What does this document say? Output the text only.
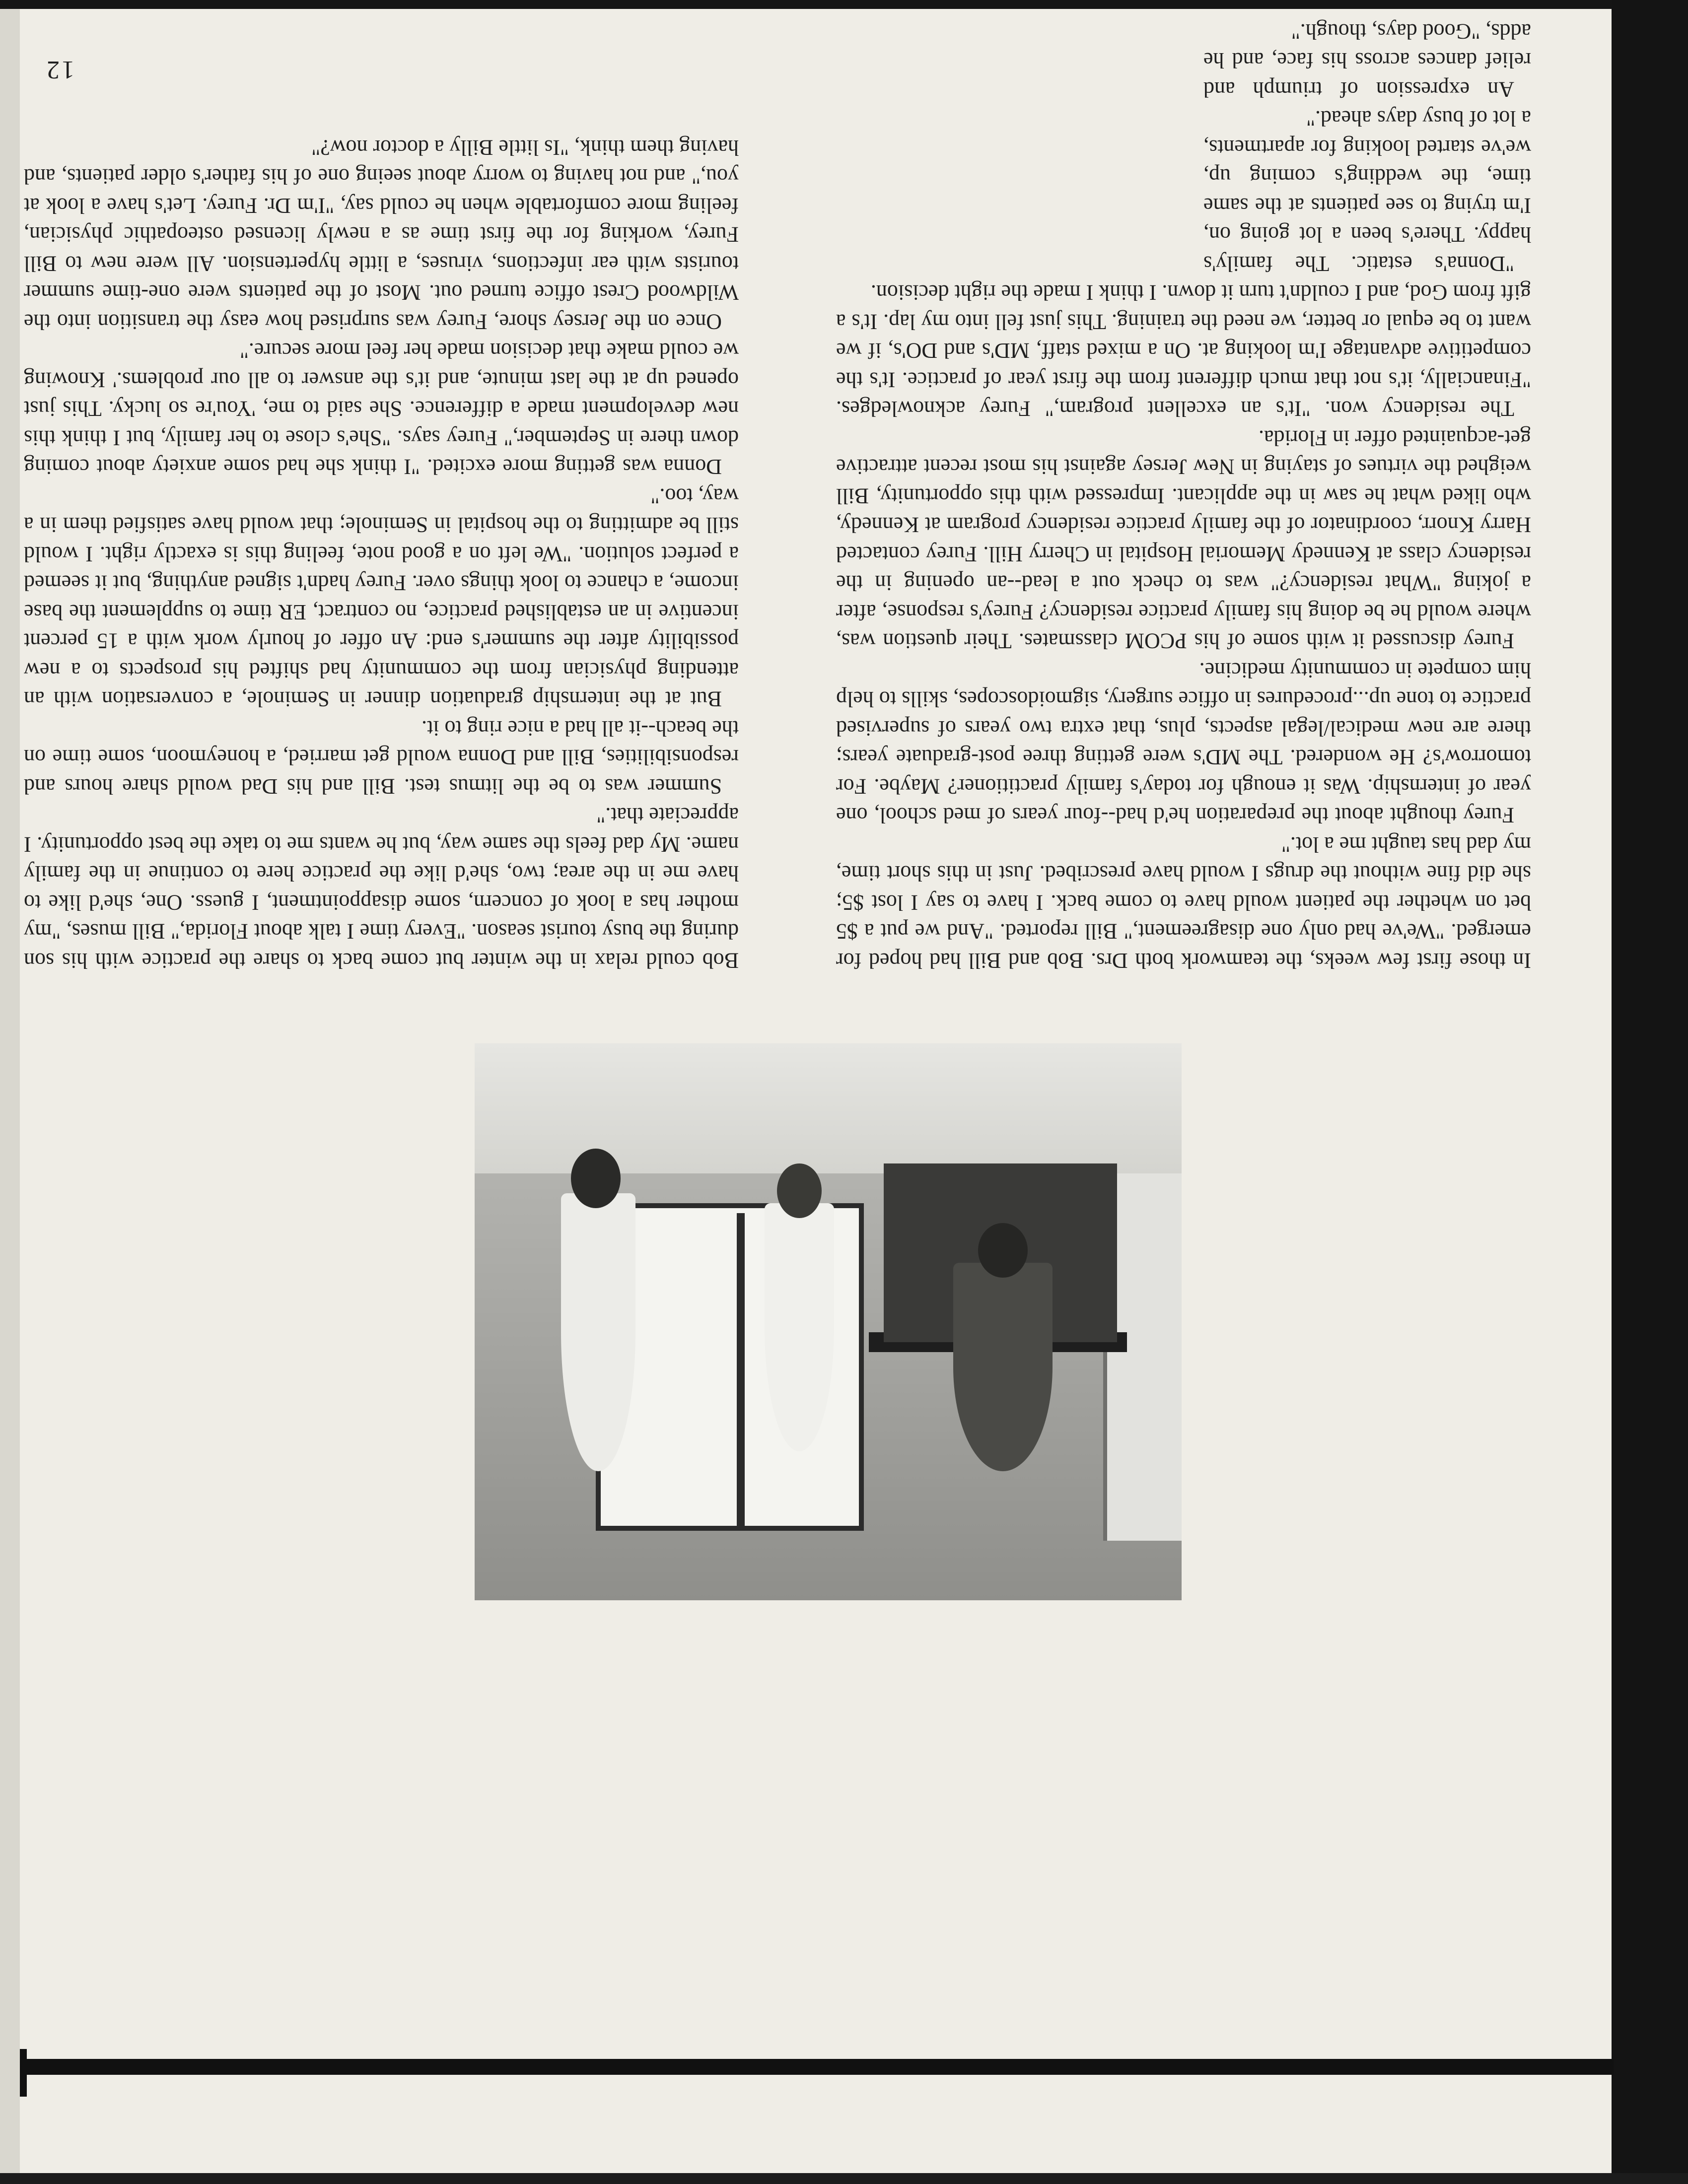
12

In those first few weeks, the teamwork both Drs. Bob and Bill had hoped for emerged. "We've had only one disagreement," Bill reported. "And we put a $5 bet on whether the patient would have to come back. I have to say I lost $5; she did fine without the drugs I would have prescribed. Just in this short time, my dad has taught me a lot."

Furey thought about the preparation he'd had--four years of med school, one year of internship. Was it enough for today's family practitioner? Maybe. For tomorrow's? He wondered. The MD's were getting three post-graduate years; there are new medical/legal aspects, plus, that extra two years of supervised practice to tone up...procedures in office surgery, sigmoidoscopes, skills to help him compete in community medicine.

Furey discussed it with some of his PCOM classmates. Their question was, where would he be doing his family practice residency? Furey's response, after a joking "What residency?" was to check out a lead--an opening in the residency class at Kennedy Memorial Hospital in Cherry Hill. Furey contacted Harry Knorr, coordinator of the family practice residency program at Kennedy, who liked what he saw in the applicant. Impressed with this opportunity, Bill weighed the virtues of staying in New Jersey against his most recent attractive get-acquainted offer in Florida.

The residency won. "It's an excellent program," Furey acknowledges. "Financially, it's not that much different from the first year of practice. It's the competitive advantage I'm looking at. On a mixed staff, MD's and DO's, if we want to be equal or better, we need the training. This just fell into my lap. It's a gift from God, and I couldn't turn it down. I think I made the right decision.

"Donna's estatic. The family's happy. There's been a lot going on, I'm trying to see patients at the same time, the wedding's coming up, we've started looking for apartments, a lot of busy days ahead."

An expression of triumph and relief dances across his face, and he adds, "Good days, though."

Bob could relax in the winter but come back to share the practice with his son during the busy tourist season. "Every time I talk about Florida," Bill muses, "my mother has a look of concern, some disappointment, I guess. One, she'd like to have me in the area; two, she'd like the practice here to continue in the family name. My dad feels the same way, but he wants me to take the best opportunity. I appreciate that."

Summer was to be the litmus test. Bill and his Dad would share hours and responsibilities, Bill and Donna would get married, a honeymoon, some time on the beach--it all had a nice ring to it.

But at the internship graduation dinner in Seminole, a conversation with an attending physician from the community had shifted his prospects to a new possibility after the summer's end: An offer of hourly work with a 15 percent incentive in an established practice, no contract, ER time to supplement the base income, a chance to look things over. Furey hadn't signed anything, but it seemed a perfect solution. "We left on a good note, feeling this is exactly right. I would still be admitting to the hospital in Seminole; that would have satisfied them in a way, too."

Donna was getting more excited. "I think she had some anxiety about coming down there in September," Furey says. "She's close to her family, but I think this new development made a difference. She said to me, 'You're so lucky. This just opened up at the last minute, and it's the answer to all our problems.' Knowing we could make that decision made her feel more secure."

Once on the Jersey shore, Furey was surprised how easy the transition into the Wildwood Crest office turned out. Most of the patients were one-time summer tourists with ear infections, viruses, a little hypertension. All were new to Bill Furey, working for the first time as a newly licensed osteopathic physician, feeling more comfortable when he could say, "I'm Dr. Furey. Let's have a look at you," and not having to worry about seeing one of his father's older patients, and having them think, "Is little Billy a doctor now?"
